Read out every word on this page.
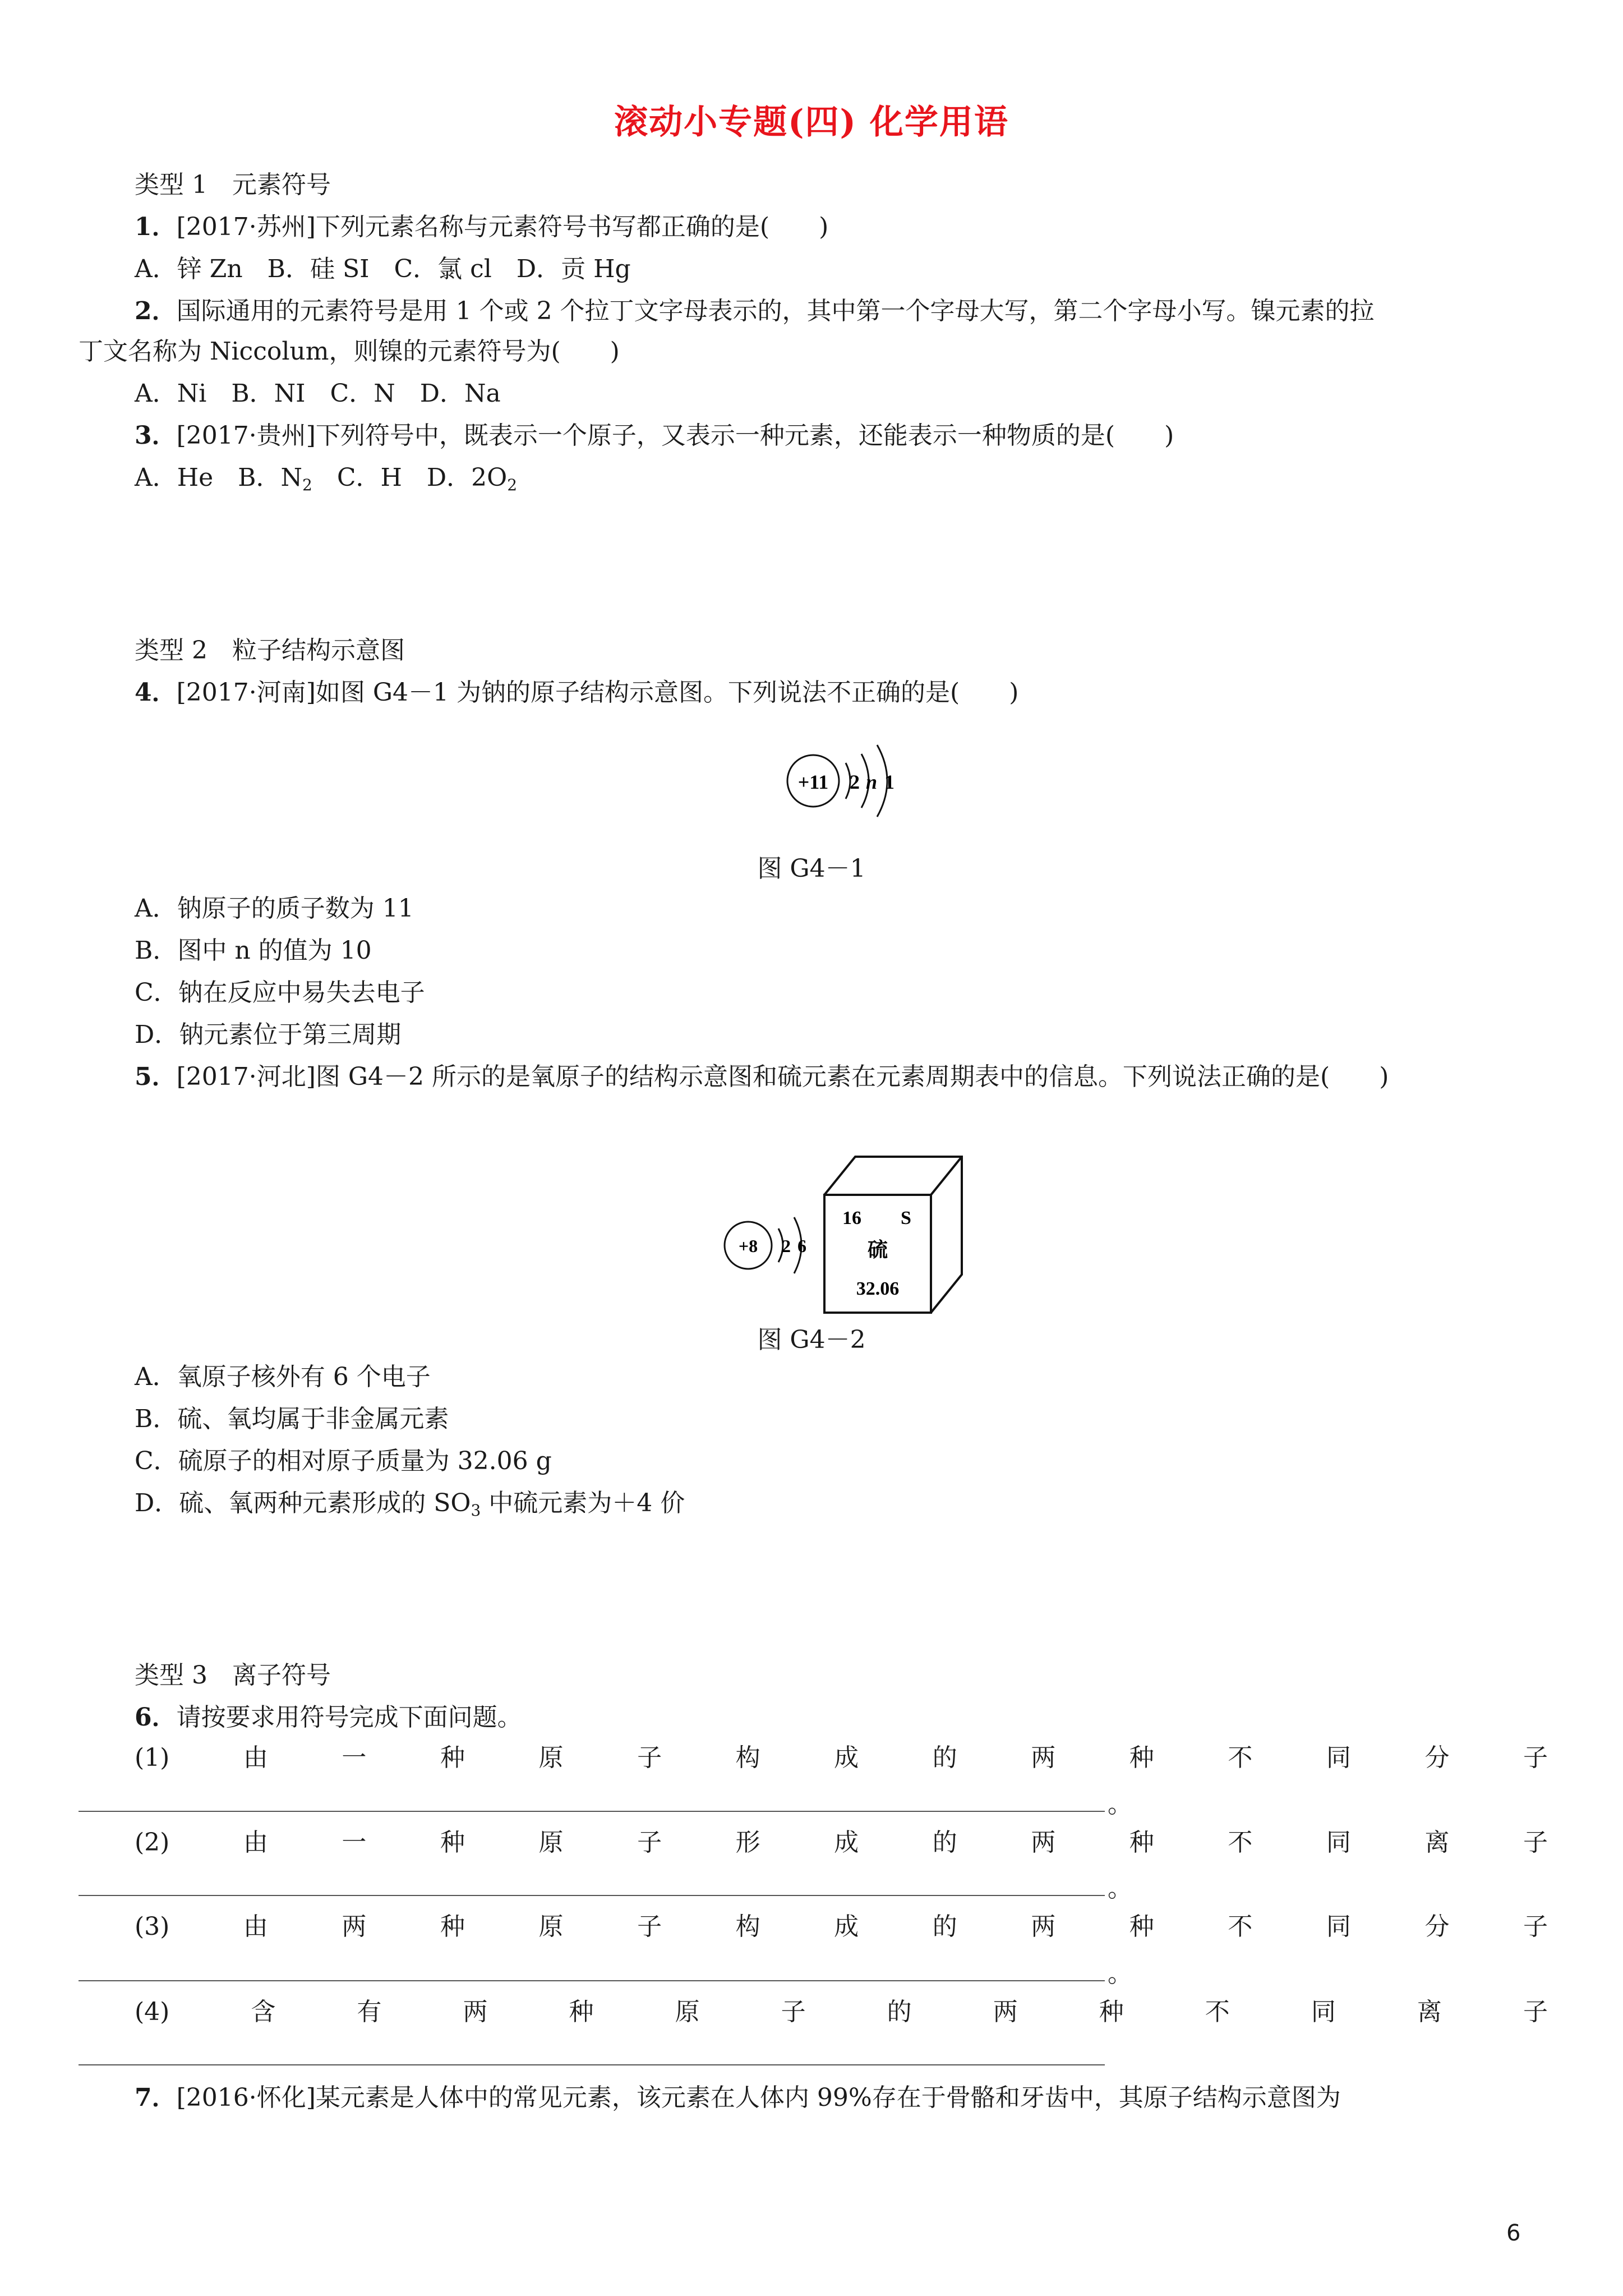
滚动小专题(四) 化学用语
类型 1　元素符号
1．[2017·苏州]下列元素名称与元素符号书写都正确的是(　　)
A．锌 Zn　B．硅 SI　C．氯 cl　D．贡 Hg
2．国际通用的元素符号是用 1 个或 2 个拉丁文字母表示的，其中第一个字母大写，第二个字母小写。镍元素的拉
丁文名称为 Niccolum，则镍的元素符号为(　　)
A．Ni　B．NI　C．N　D．Na
3．[2017·贵州]下列符号中，既表示一个原子，又表示一种元素，还能表示一种物质的是(　　)
A．He　B．$N_2$　C．H　D．$2O_2$
类型 2　粒子结构示意图
4．[2017·河南]如图 G4－1 为钠的原子结构示意图。下列说法不正确的是(　　)
+11 2 n 1
图 G4－1
A．钠原子的质子数为 11
B．图中 n 的值为 10
C．钠在反应中易失去电子
D．钠元素位于第三周期
5．[2017·河北]图 G4－2 所示的是氧原子的结构示意图和硫元素在元素周期表中的信息。下列说法正确的是(　　)
+8 2 6
16 S
硫
32.06
图 G4－2
A．氧原子核外有 6 个电子
B．硫、氧均属于非金属元素
C．硫原子的相对原子质量为 32.06 g
D．硫、氧两种元素形成的 $SO_3$ 中硫元素为＋4 价
类型 3　离子符号
6．请按要求用符号完成下面问题。
(1)	由	一	种	原	子	构	成	的	两	种	不	同	分	子
。
(2)	由	一	种	原	子	形	成	的	两	种	不	同	离	子
。
(3)	由	两	种	原	子	构	成	的	两	种	不	同	分	子
。
(4)	含	有	两	种	原	子	的	两	种	不	同	离	子
7．[2016·怀化]某元素是人体中的常见元素，该元素在人体内 99%存在于骨骼和牙齿中，其原子结构示意图为
6
